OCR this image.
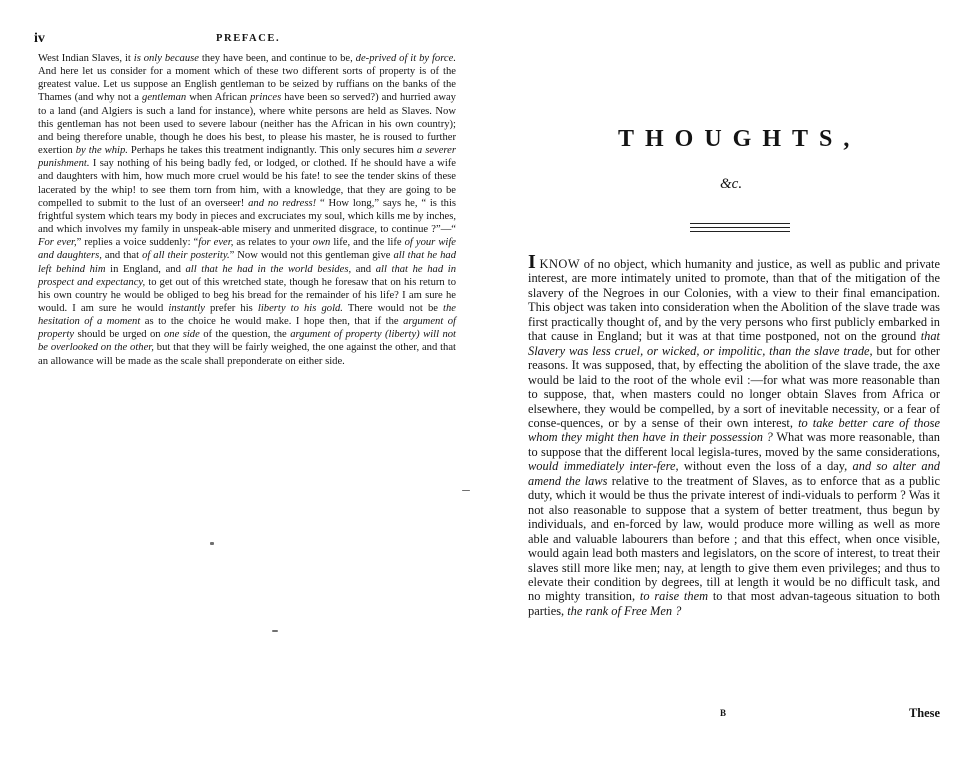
iv	PREFACE.

West Indian Slaves, it is only because they have been, and continue to be, de-prived of it by force. And here let us consider for a moment which of these two different sorts of property is of the greatest value. Let us suppose an English gentleman to be seized by ruffians on the banks of the Thames (and why not a gentleman when African princes have been so served?) and hurried away to a land (and Algiers is such a land for instance), where white persons are held as Slaves. Now this gentleman has not been used to severe labour (neither has the African in his own country); and being therefore unable, though he does his best, to please his master, he is roused to further exertion by the whip. Perhaps he takes this treatment indignantly. This only secures him a severer punishment. I say nothing of his being badly fed, or lodged, or clothed. If he should have a wife and daughters with him, how much more cruel would be his fate! to see the tender skins of these lacerated by the whip! to see them torn from him, with a knowledge, that they are going to be compelled to submit to the lust of an overseer! and no redress! “ How long,” says he, “ is this frightful system which tears my body in pieces and excruciates my soul, which kills me by inches, and which involves my family in unspeak-able misery and unmerited disgrace, to continue ?”—“ For ever,” replies a voice suddenly: “for ever, as relates to your own life, and the life of your wife and daughters, and that of all their posterity.” Now would not this gentleman give all that he had left behind him in England, and all that he had in the world besides, and all that he had in prospect and expectancy, to get out of this wretched state, though he foresaw that on his return to his own country he would be obliged to beg his bread for the remainder of his life? I am sure he would. I am sure he would instantly prefer his liberty to his gold. There would not be the hesitation of a moment as to the choice he would make. I hope then, that if the argument of property should be urged on one side of the question, the argument of property (liberty) will not be overlooked on the other, but that they will be fairly weighed, the one against the other, and that an allowance will be made as the scale shall preponderate on either side.

THOUGHTS,
&c.

I KNOW of no object, which humanity and justice, as well as public and private interest, are more intimately united to promote, than that of the mitigation of the slavery of the Negroes in our Colonies, with a view to their final emancipation. This object was taken into consideration when the Abolition of the slave trade was first practically thought of, and by the very persons who first publicly embarked in that cause in England; but it was at that time postponed, not on the ground that Slavery was less cruel, or wicked, or impolitic, than the slave trade, but for other reasons. It was supposed, that, by effecting the abolition of the slave trade, the axe would be laid to the root of the whole evil :—for what was more reasonable than to suppose, that, when masters could no longer obtain Slaves from Africa or elsewhere, they would be compelled, by a sort of inevitable necessity, or a fear of conse-quences, or by a sense of their own interest, to take better care of those whom they might then have in their possession ? What was more reasonable, than to suppose that the different local legisla-tures, moved by the same considerations, would immediately inter-fere, without even the loss of a day, and so alter and amend the laws relative to the treatment of Slaves, as to enforce that as a public duty, which it would be thus the private interest of indi-viduals to perform ? Was it not also reasonable to suppose that a system of better treatment, thus begun by individuals, and en-forced by law, would produce more willing as well as more able and valuable labourers than before ; and that this effect, when once visible, would again lead both masters and legislators, on the score of interest, to treat their slaves still more like men; nay, at length to give them even privileges; and thus to elevate their condition by degrees, till at length it would be no difficult task, and no mighty transition, to raise them to that most advan-tageous situation to both parties, the rank of Free Men ?

B	These
